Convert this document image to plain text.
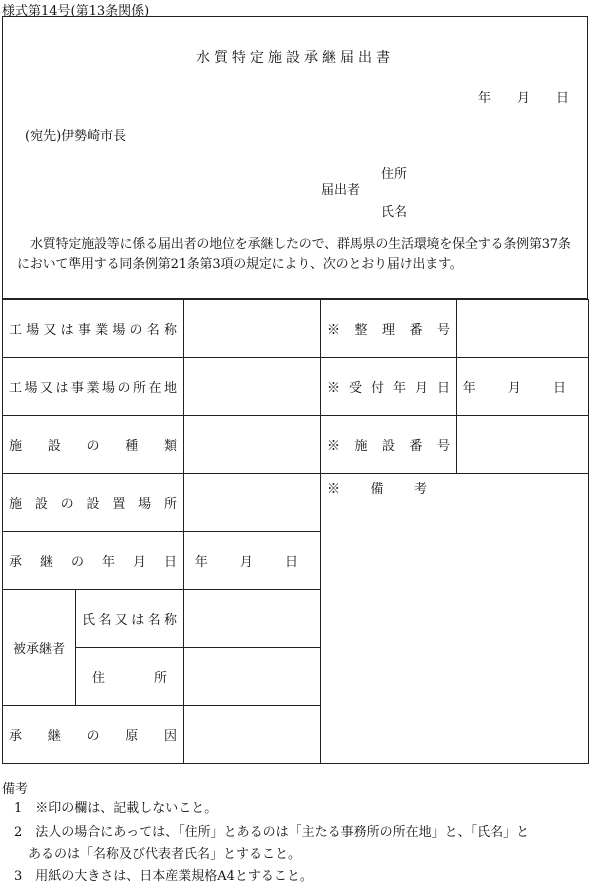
様式第14号(第13条関係)
水質特定施設承継届出書
年　　月　　日
(宛先)伊勢崎市長
住所
届出者
氏名
水質特定施設等に係る届出者の地位を承継したので、群馬県の生活環境を保全する条例第37条において準用する同条例第21条第3項の規定により、次のとおり届け出ます。
工場又は事業場の名称			※整理番号	
工場又は事業場の所在地			※受付年月日	年 月 日
施設の種類			※施設番号	
施設の設置場所			※備考	

承継の年月日		年 月 日		
被承継者	氏名又は名称			
	住所			
承継の原因				
備考
1　※印の欄は、記載しないこと。
2　法人の場合にあっては、「住所」とあるのは「主たる事務所の所在地」と、「氏名」と
あるのは「名称及び代表者氏名」とすること。
3　用紙の大きさは、日本産業規格A4とすること。
